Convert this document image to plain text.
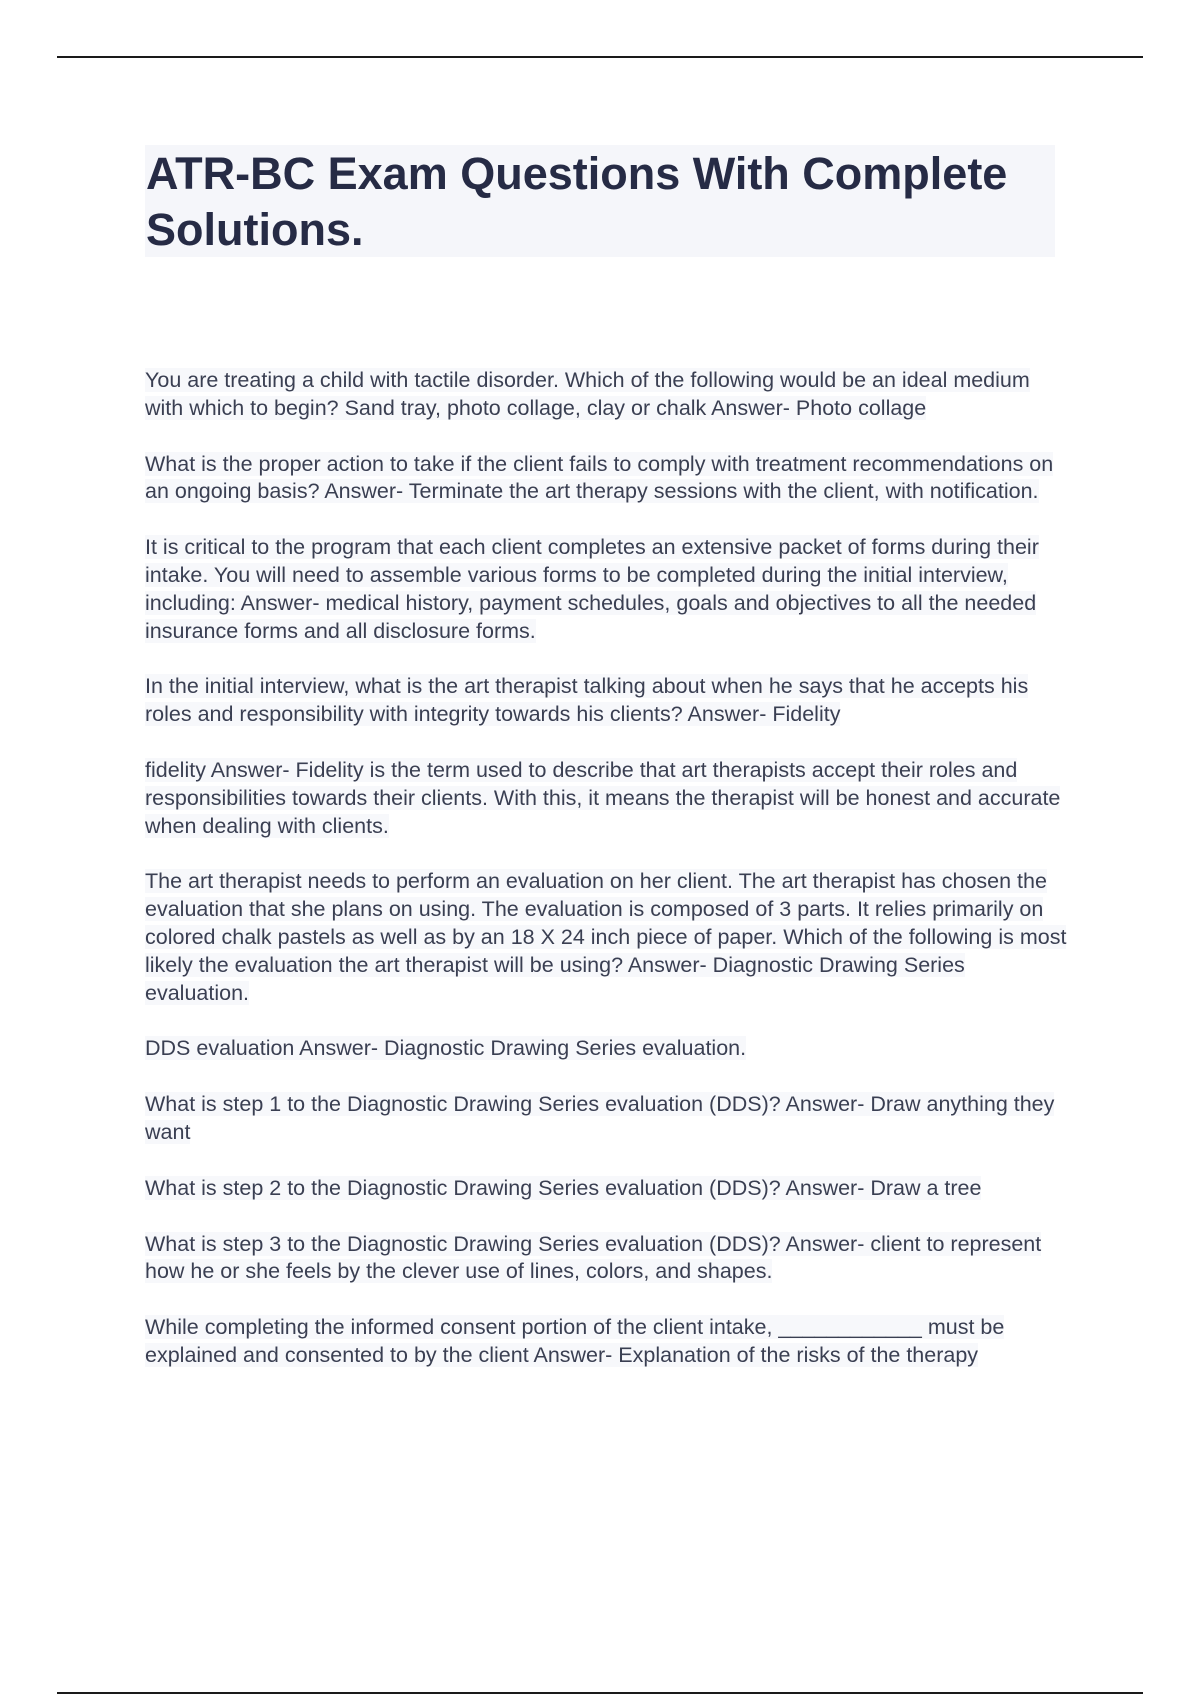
ATR-BC Exam Questions With Complete Solutions.
You are treating a child with tactile disorder. Which of the following would be an ideal medium with which to begin? Sand tray, photo collage, clay or chalk Answer- Photo collage
What is the proper action to take if the client fails to comply with treatment recommendations on an ongoing basis? Answer- Terminate the art therapy sessions with the client, with notification.
It is critical to the program that each client completes an extensive packet of forms during their intake. You will need to assemble various forms to be completed during the initial interview, including: Answer- medical history, payment schedules, goals and objectives to all the needed insurance forms and all disclosure forms.
In the initial interview, what is the art therapist talking about when he says that he accepts his roles and responsibility with integrity towards his clients? Answer- Fidelity
fidelity Answer- Fidelity is the term used to describe that art therapists accept their roles and responsibilities towards their clients. With this, it means the therapist will be honest and accurate when dealing with clients.
The art therapist needs to perform an evaluation on her client. The art therapist has chosen the evaluation that she plans on using. The evaluation is composed of 3 parts. It relies primarily on colored chalk pastels as well as by an 18 X 24 inch piece of paper. Which of the following is most likely the evaluation the art therapist will be using? Answer- Diagnostic Drawing Series evaluation.
DDS evaluation Answer- Diagnostic Drawing Series evaluation.
What is step 1 to the Diagnostic Drawing Series evaluation (DDS)? Answer- Draw anything they want
What is step 2 to the Diagnostic Drawing Series evaluation (DDS)? Answer- Draw a tree
What is step 3 to the Diagnostic Drawing Series evaluation (DDS)? Answer- client to represent how he or she feels by the clever use of lines, colors, and shapes.
While completing the informed consent portion of the client intake, ____________ must be explained and consented to by the client Answer- Explanation of the risks of the therapy
